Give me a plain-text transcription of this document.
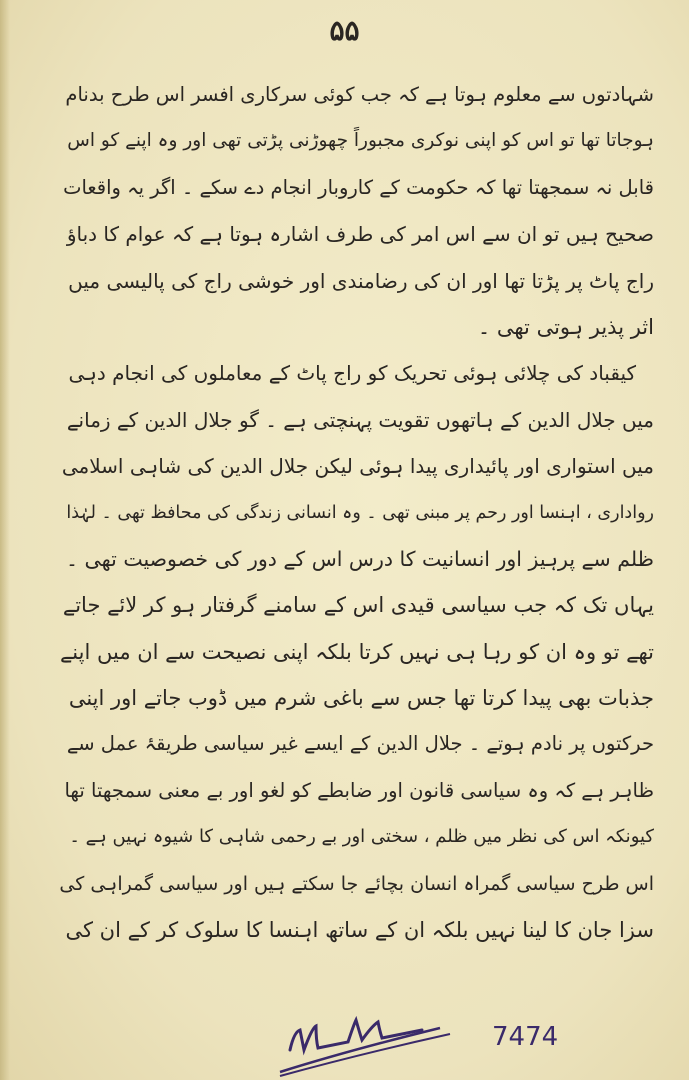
۵۵
شہادتوں سے معلوم ہوتا ہے کہ جب کوئی سرکاری افسر اس طرح بدنام
ہوجاتا تھا تو اس کو اپنی نوکری مجبوراً چھوڑنی پڑتی تھی اور وہ اپنے کو اس
قابل نہ سمجھتا تھا کہ حکومت کے کاروبار انجام دے سکے ۔ اگر یہ واقعات
صحیح ہیں تو ان سے اس امر کی طرف اشارہ ہوتا ہے کہ عوام کا دباؤ
راج پاٹ پر پڑتا تھا اور ان کی رضامندی اور خوشی راج کی پالیسی میں
اثر پذیر ہوتی تھی ۔
کیقباد کی چلائی ہوئی تحریک کو راج پاٹ کے معاملوں کی انجام دہی
میں جلال الدین کے ہاتھوں تقویت پہنچتی ہے ۔ گو جلال الدین کے زمانے
میں استواری اور پائیداری پیدا ہوئی لیکن جلال الدین کی شاہی اسلامی
رواداری ، اہنسا اور رحم پر مبنی تھی ۔ وہ انسانی زندگی کی محافظ تھی ۔ لہٰذا
ظلم سے پرہیز اور انسانیت کا درس اس کے دور کی خصوصیت تھی ۔
یہاں تک کہ جب سیاسی قیدی اس کے سامنے گرفتار ہو کر لائے جاتے
تھے تو وہ ان کو رہا ہی نہیں کرتا بلکہ اپنی نصیحت سے ان میں اپنے
جذبات بھی پیدا کرتا تھا جس سے باغی شرم میں ڈوب جاتے اور اپنی
حرکتوں پر نادم ہوتے ۔ جلال الدین کے ایسے غیر سیاسی طریقۂ عمل سے
ظاہر ہے کہ وہ سیاسی قانون اور ضابطے کو لغو اور بے معنی سمجھتا تھا
کیونکہ اس کی نظر میں ظلم ، سختی اور بے رحمی شاہی کا شیوہ نہیں ہے ۔
اس طرح سیاسی گمراہ انسان بچائے جا سکتے ہیں اور سیاسی گمراہی کی
سزا جان کا لینا نہیں بلکہ ان کے ساتھ اہنسا کا سلوک کر کے ان کی
7474
